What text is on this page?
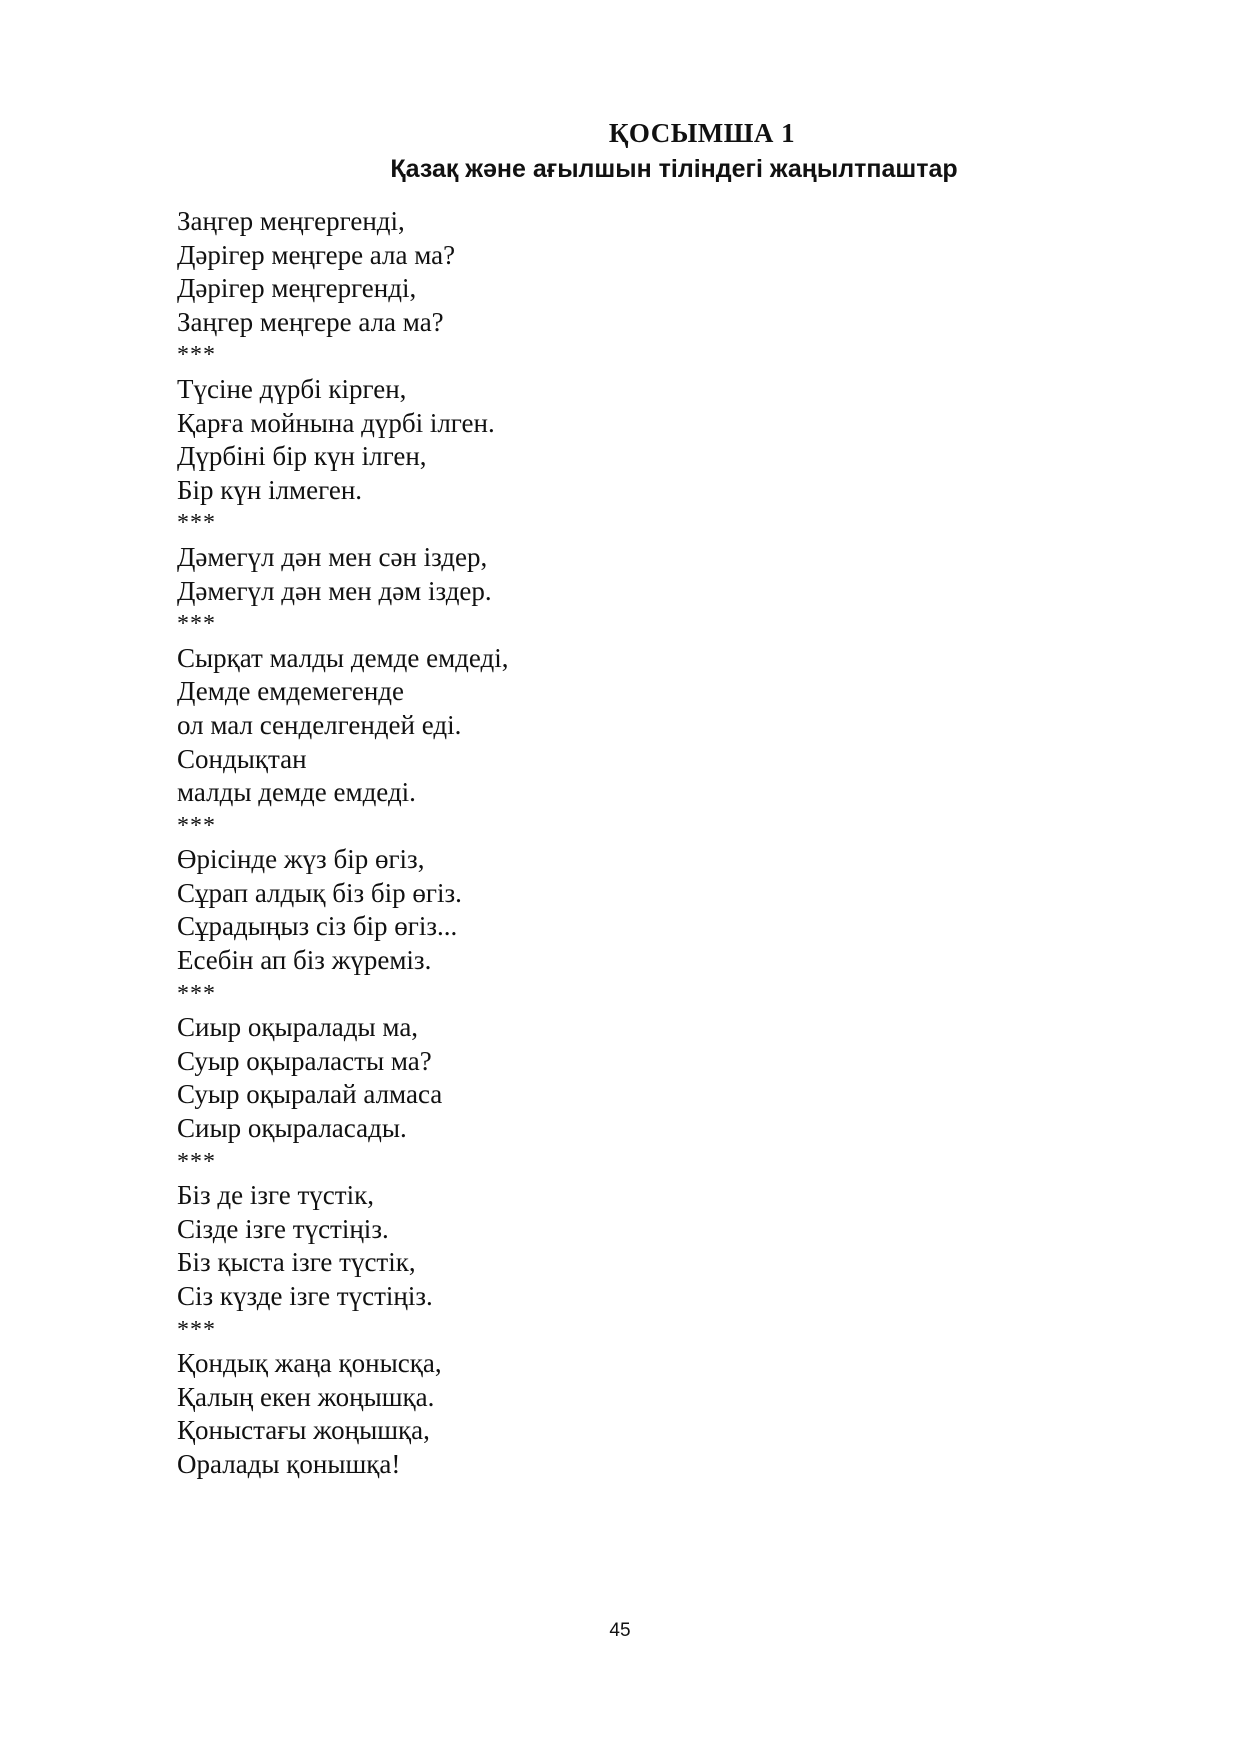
ҚОСЫМША 1
Қазақ және ағылшын тіліндегі жаңылтпаштар
Заңгер меңгергенді,
Дәрігер меңгере ала ма?
Дәрігер меңгергенді,
Заңгер меңгере ала ма?
***
Түсіне дүрбі кірген,
Қарға мойнына дүрбі ілген.
Дүрбіні бір күн ілген,
Бір күн ілмеген.
***
Дәмегүл дән мен сән іздер,
Дәмегүл дән мен дәм іздер.
***
Сырқат малды демде емдеді,
Демде емдемегенде
ол мал сенделгендей еді.
Сондықтан
малды демде емдеді.
***
Өрісінде жүз бір өгіз,
Сұрап алдық біз бір өгіз.
Сұрадыңыз сіз бір өгіз...
Есебін ап біз жүреміз.
***
Сиыр оқыралады ма,
Суыр оқыраласты ма?
Суыр оқыралай алмаса
Сиыр оқыраласады.
***
Біз де ізге түстік,
Сізде ізге түстіңіз.
Біз қыста ізге түстік,
Сіз күзде ізге түстіңіз.
***
Қондық жаңа қонысқа,
Қалың екен жоңышқа.
Қоныстағы жоңышқа,
Оралады қонышқа!

45
